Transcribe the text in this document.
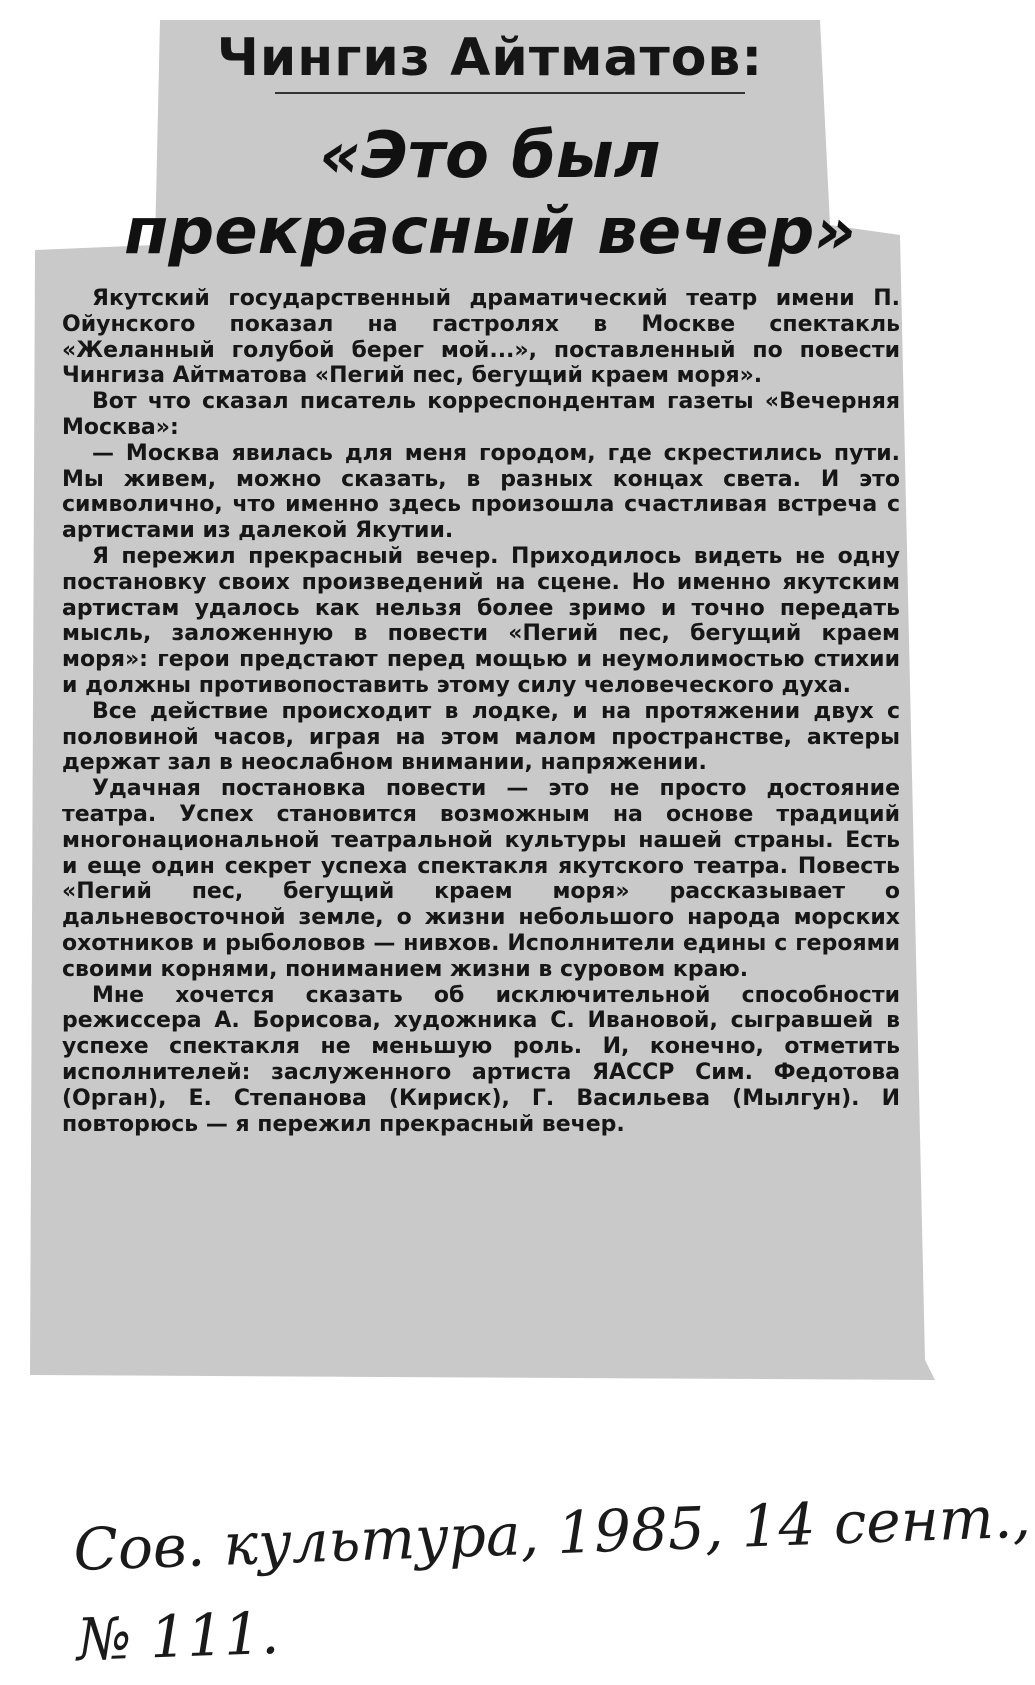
Чингиз Айтматов:
«Это был
прекрасный вечер»

Якутский государственный драматический театр имени П. Ойунского показал на гастролях в Москве спектакль «Желанный голубой берег мой...», поставленный по повести Чингиза Айтматова «Пегий пес, бегущий краем моря».

Вот что сказал писатель корреспондентам газеты «Вечерняя Москва»:

— Москва явилась для меня городом, где скрестились пути. Мы живем, можно сказать, в разных концах света. И это символично, что именно здесь произошла счастливая встреча с артистами из далекой Якутии.

Я пережил прекрасный вечер. Приходилось видеть не одну постановку своих произведений на сцене. Но именно якутским артистам удалось как нельзя более зримо и точно передать мысль, заложенную в повести «Пегий пес, бегущий краем моря»: герои предстают перед мощью и неумолимостью стихии и должны противопоставить этому силу человеческого духа.

Все действие происходит в лодке, и на протяжении двух с половиной часов, играя на этом малом пространстве, актеры держат зал в неослабном внимании, напряжении.

Удачная постановка повести — это не просто достояние театра. Успех становится возможным на основе традиций многонациональной театральной культуры нашей страны. Есть и еще один секрет успеха спектакля якутского театра. Повесть «Пегий пес, бегущий краем моря» рассказывает о дальневосточной земле, о жизни небольшого народа морских охотников и рыболовов — нивхов. Исполнители едины с героями своими корнями, пониманием жизни в суровом краю.

Мне хочется сказать об исключительной способности режиссера А. Борисова, художника С. Ивановой, сыгравшей в успехе спектакля не меньшую роль. И, конечно, отметить исполнителей: заслуженного артиста ЯАССР Сим. Федотова (Орган), Е. Степанова (Кириск), Г. Васильева (Мылгун). И повторюсь — я пережил прекрасный вечер.

Сов. культура, 1985, 14 сент.,
№ 111.
